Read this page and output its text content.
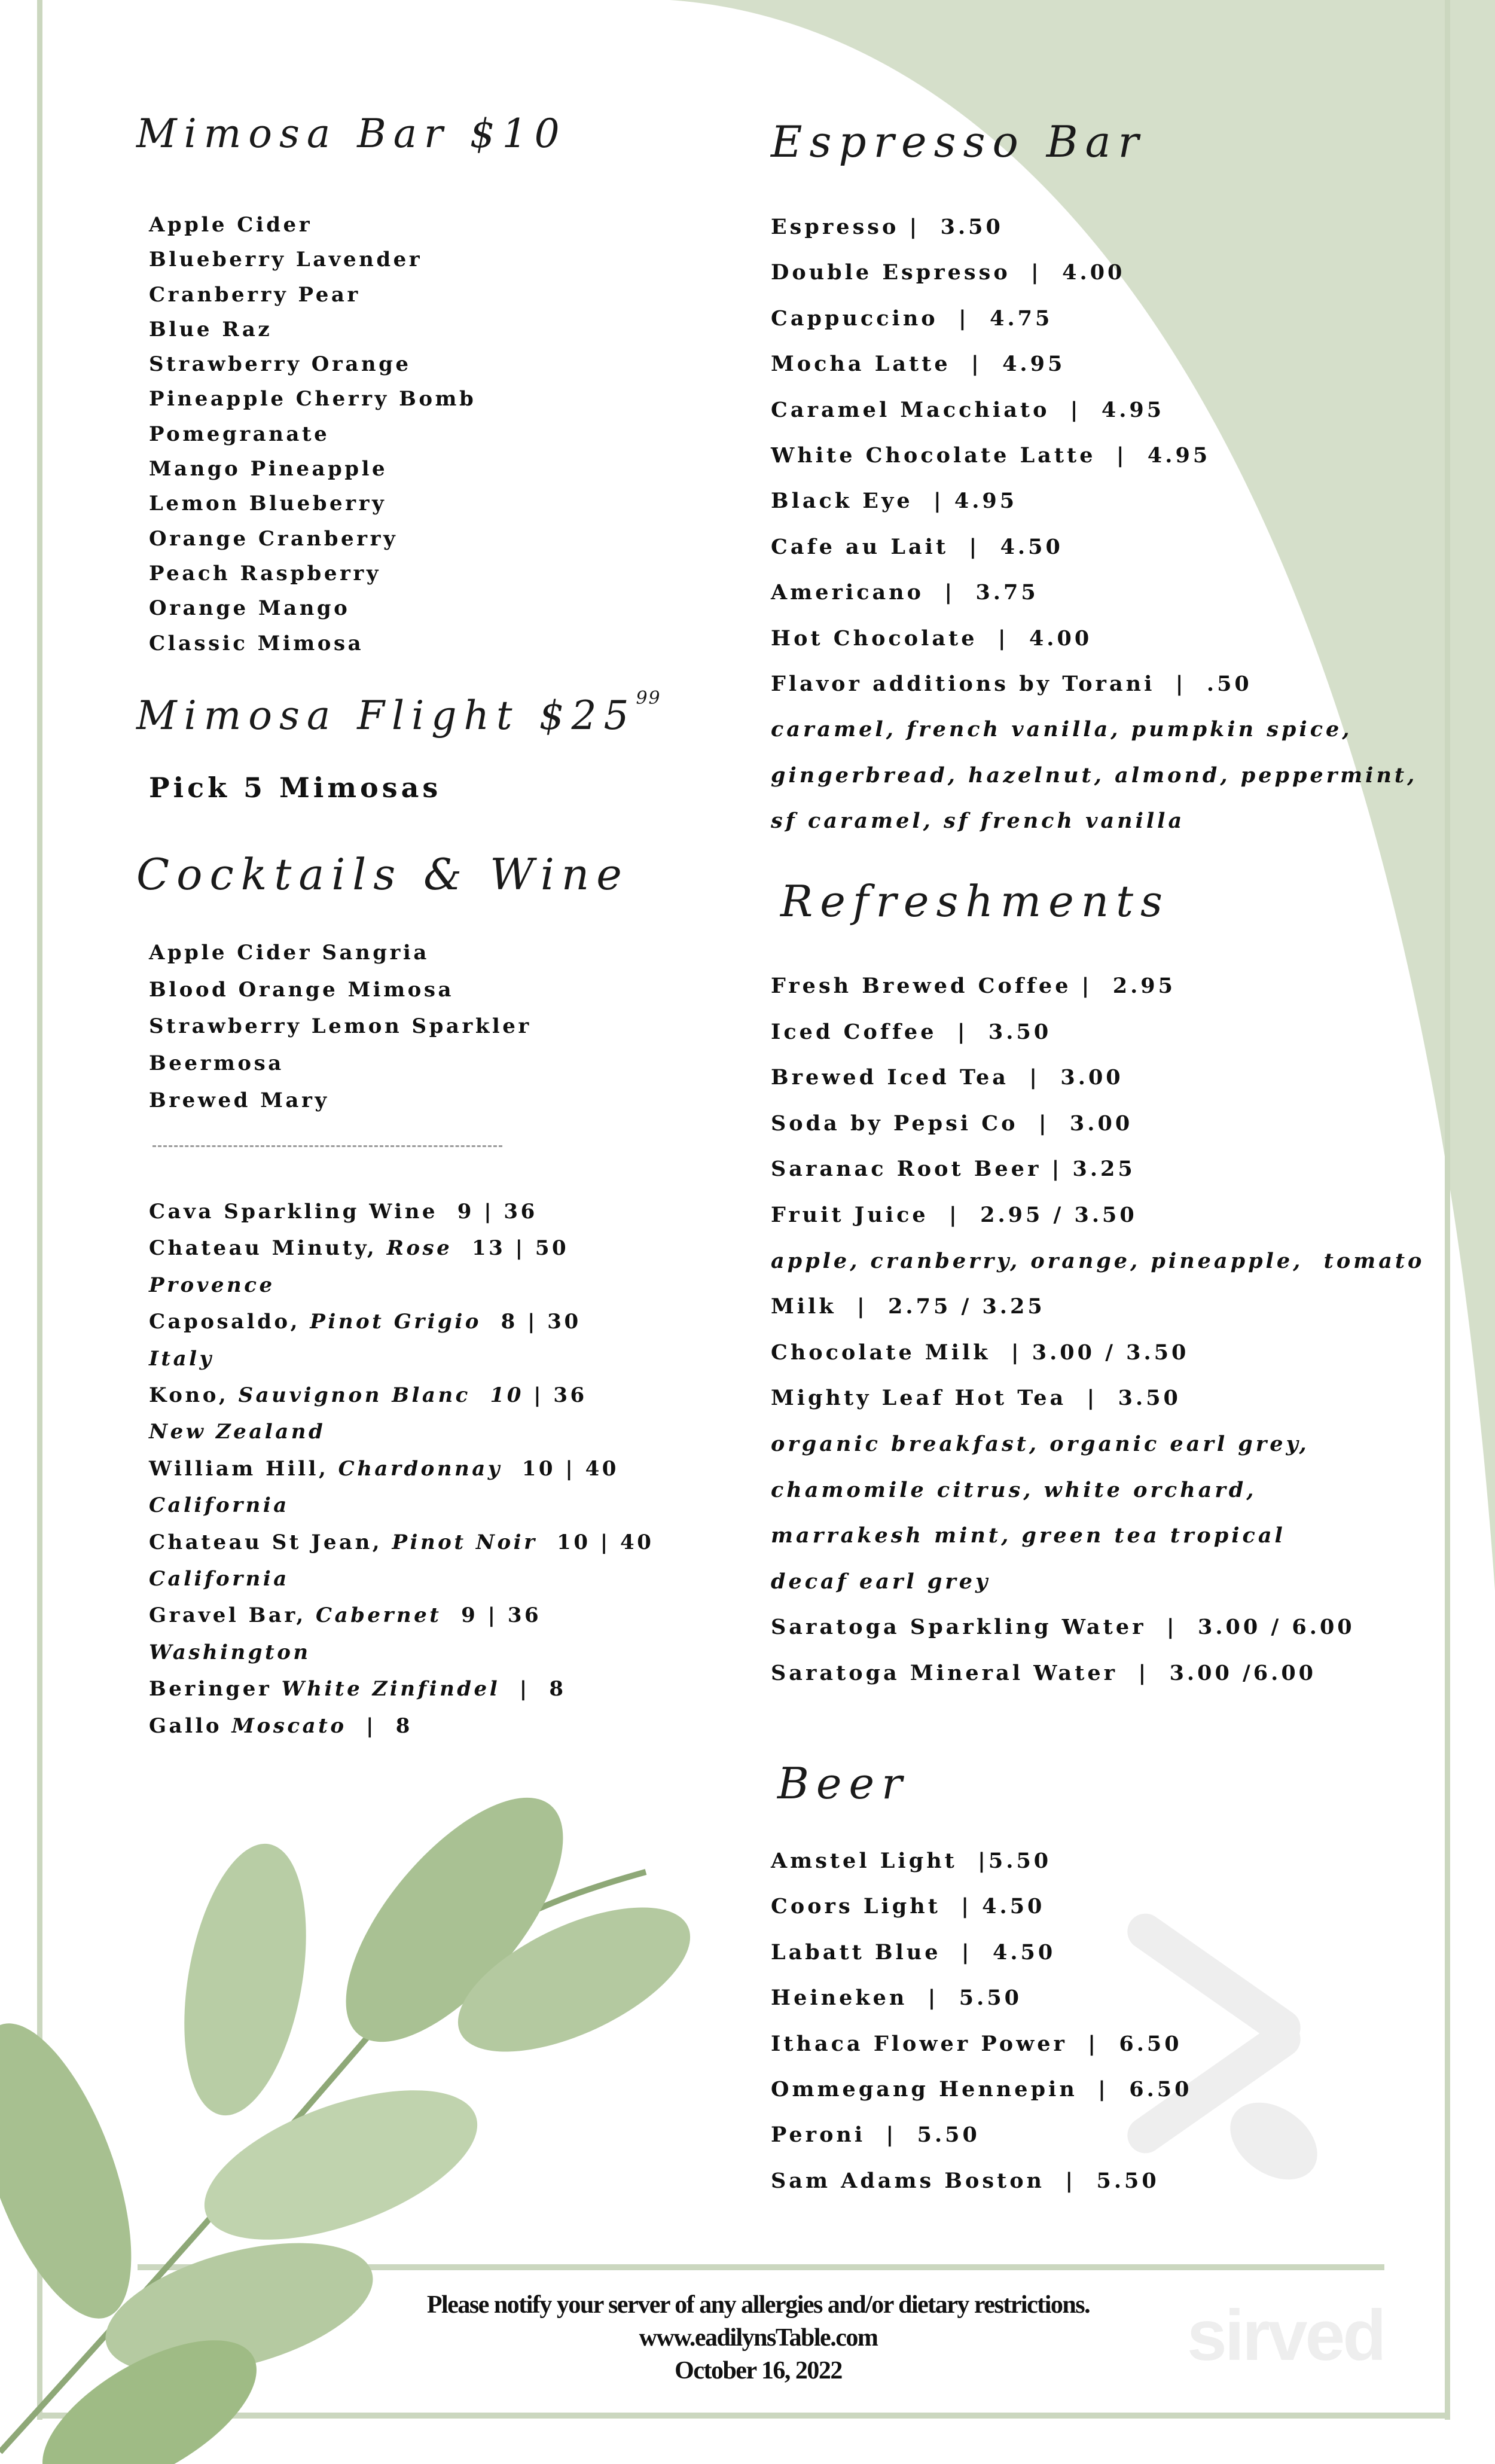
Mimosa Bar $10
Apple Cider
Blueberry Lavender
Cranberry Pear
Blue Raz
Strawberry Orange
Pineapple Cherry Bomb
Pomegranate
Mango Pineapple
Lemon Blueberry
Orange Cranberry
Peach Raspberry
Orange Mango
Classic Mimosa
Mimosa Flight $\$25^{99}$
Pick 5 Mimosas
Cocktails & Wine
Apple Cider Sangria
Blood Orange Mimosa
Strawberry Lemon Sparkler
Beermosa
Brewed Mary
Cava Sparkling Wine  9 | 36
Chateau Minuty, Rose  13 | 50
Provence
Caposaldo, Pinot Grigio  8 | 30
Italy
Kono, Sauvignon Blanc  10 | 36
New Zealand
William Hill, Chardonnay  10 | 40
California
Chateau St Jean, Pinot Noir  10 | 40
California
Gravel Bar, Cabernet  9 | 36
Washington
Beringer White Zinfindel  |  8
Gallo Moscato  |  8
Espresso Bar
Espresso |  3.50
Double Espresso  |  4.00
Cappuccino  |  4.75
Mocha Latte  |  4.95
Caramel Macchiato  |  4.95
White Chocolate Latte  |  4.95
Black Eye  | 4.95
Cafe au Lait  |  4.50
Americano  |  3.75
Hot Chocolate  |  4.00
Flavor additions by Torani  |  .50
caramel, french vanilla, pumpkin spice,
gingerbread, hazelnut, almond, peppermint,
sf caramel, sf french vanilla
Refreshments
Fresh Brewed Coffee |  2.95
Iced Coffee  |  3.50
Brewed Iced Tea  |  3.00
Soda by Pepsi Co  |  3.00
Saranac Root Beer | 3.25
Fruit Juice  |  2.95 / 3.50
apple, cranberry, orange, pineapple,  tomato
Milk  |  2.75 / 3.25
Chocolate Milk  | 3.00 / 3.50
Mighty Leaf Hot Tea  |  3.50
organic breakfast, organic earl grey,
chamomile citrus, white orchard,
marrakesh mint, green tea tropical
decaf earl grey
Saratoga Sparkling Water  |  3.00 / 6.00
Saratoga Mineral Water  |  3.00 /6.00
Beer
Amstel Light  |5.50
Coors Light  | 4.50
Labatt Blue  |  4.50
Heineken  |  5.50
Ithaca Flower Power  |  6.50
Ommegang Hennepin  |  6.50
Peroni  |  5.50
Sam Adams Boston  |  5.50
Please notify your server of any allergies and/or dietary restrictions.
www.eadilynsTable.com
October 16, 2022	sirved
